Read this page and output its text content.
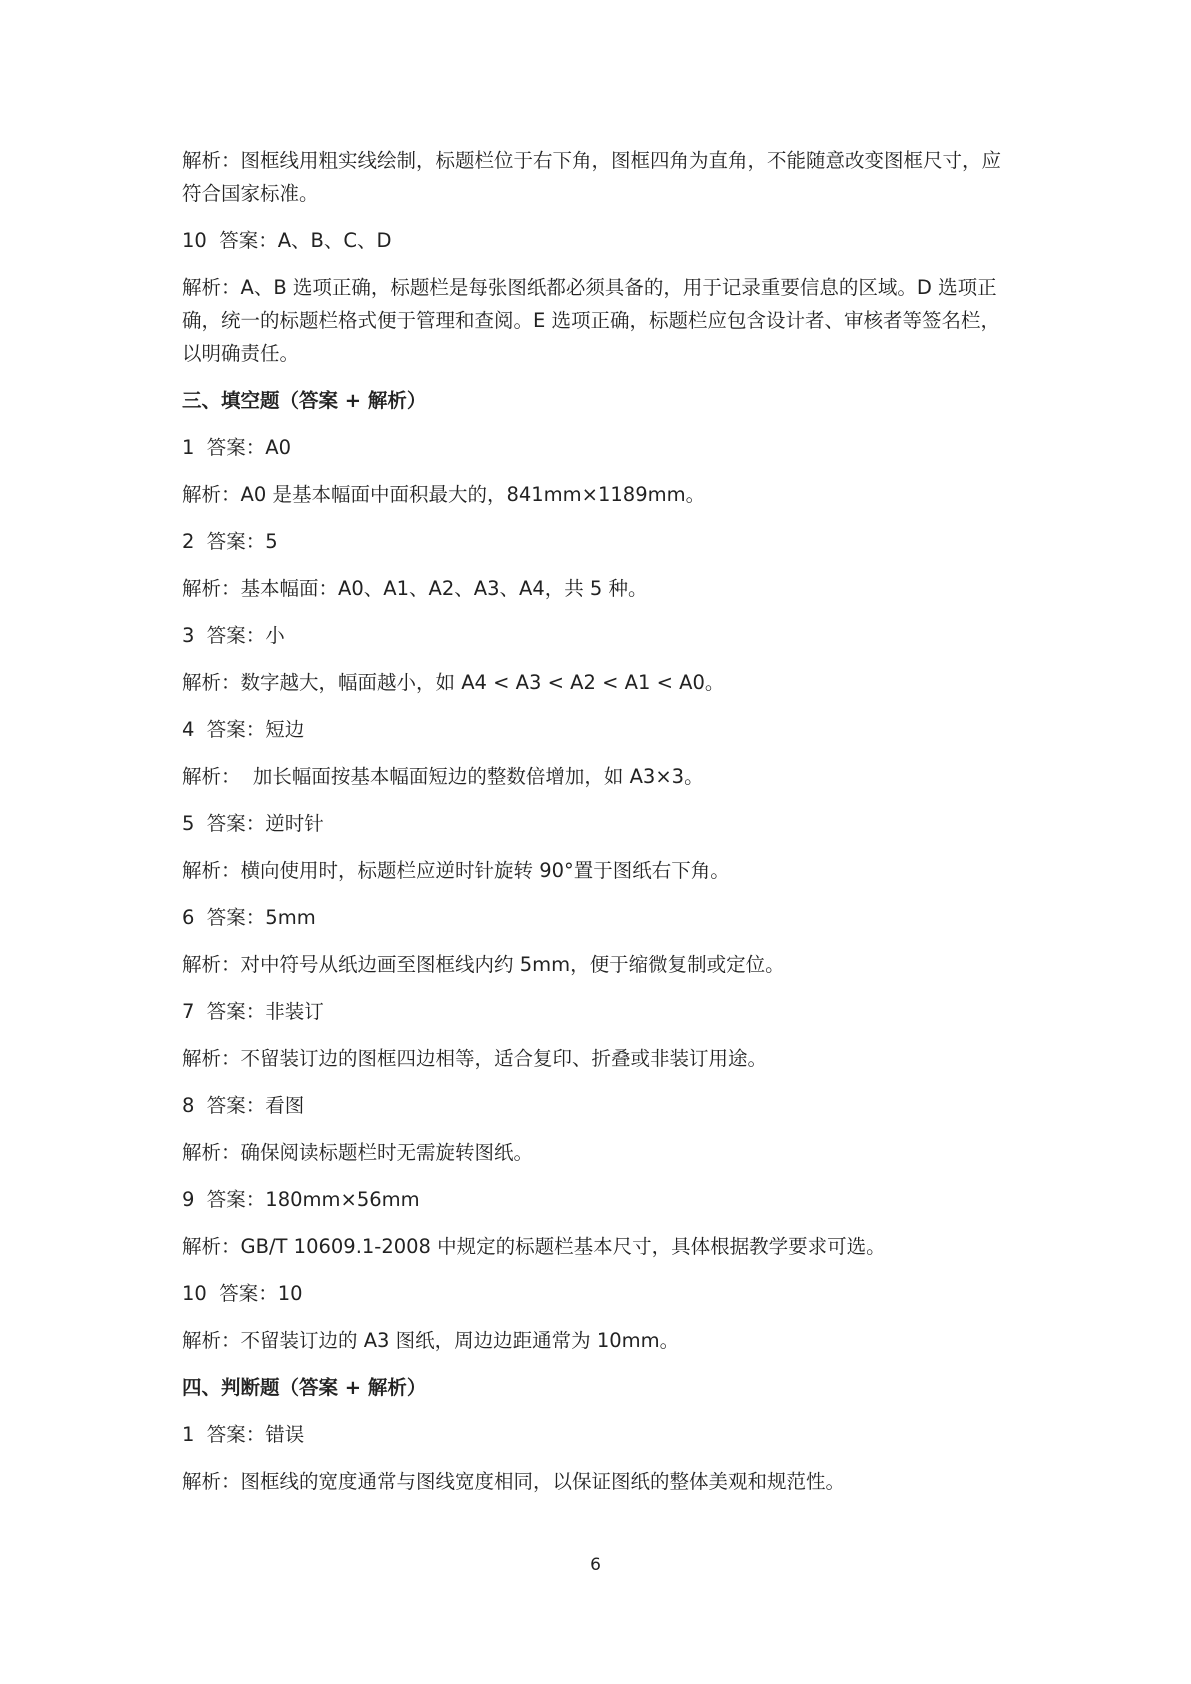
解析：图框线用粗实线绘制，标题栏位于右下角，图框四角为直角，不能随意改变图框尺寸，应符合国家标准。

10  答案：A、B、C、D

解析：A、B 选项正确，标题栏是每张图纸都必须具备的，用于记录重要信息的区域。D 选项正确，统一的标题栏格式便于管理和查阅。E 选项正确，标题栏应包含设计者、审核者等签名栏，以明确责任。

三、填空题（答案 + 解析）

1  答案：A0

解析：A0 是基本幅面中面积最大的，841mm×1189mm。

2  答案：5

解析：基本幅面：A0、A1、A2、A3、A4，共 5 种。

3  答案：小

解析：数字越大，幅面越小，如 A4 < A3 < A2 < A1 < A0。

4  答案：短边

解析：  加长幅面按基本幅面短边的整数倍增加，如 A3×3。

5  答案：逆时针

解析：横向使用时，标题栏应逆时针旋转 90°置于图纸右下角。

6  答案：5mm

解析：对中符号从纸边画至图框线内约 5mm，便于缩微复制或定位。

7  答案：非装订

解析：不留装订边的图框四边相等，适合复印、折叠或非装订用途。

8  答案：看图

解析：确保阅读标题栏时无需旋转图纸。

9  答案：180mm×56mm

解析：GB/T 10609.1-2008 中规定的标题栏基本尺寸，具体根据教学要求可选。

10  答案：10

解析：不留装订边的 A3 图纸，周边边距通常为 10mm。

四、判断题（答案 + 解析）

1  答案：错误

解析：图框线的宽度通常与图线宽度相同，以保证图纸的整体美观和规范性。

6
